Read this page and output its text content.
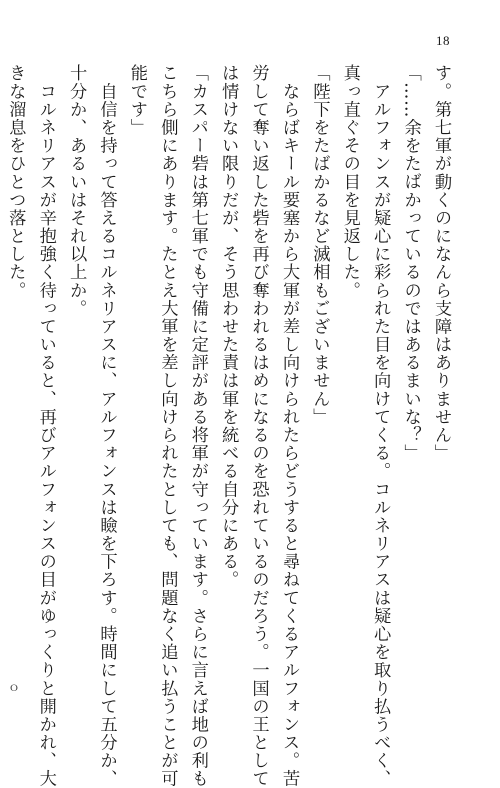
18
す。第七軍が動くのになんら支障はありません」
「……余をたばかっているのではあるまいな？」
　アルフォンスが疑心に彩られた目を向けてくる。コルネリアスは疑心を取り払うべく、
真っ直ぐその目を見返した。
「陛下をたばかるなど滅相もございません」
　ならばキール要塞から大軍が差し向けられたらどうすると尋ねてくるアルフォンス。苦
労して奪い返した砦を再び奪われるはめになるのを恐れているのだろう。一国の王として
は情けない限りだが、そう思わせた責は軍を統べる自分にある。
「カスパー砦は第七軍でも守備に定評がある将軍が守っています。さらに言えば地の利も
こちら側にあります。たとえ大軍を差し向けられたとしても、問題なく追い払うことが可
能です」
　自信を持って答えるコルネリアスに、アルフォンスは瞼を下ろす。時間にして五分か、
十分か、あるいはそれ以上か。
　コルネリアスが辛抱強く待っていると、再びアルフォンスの目がゆっくりと開かれ、大
きな溜息をひとつ落とした。
ｏ
